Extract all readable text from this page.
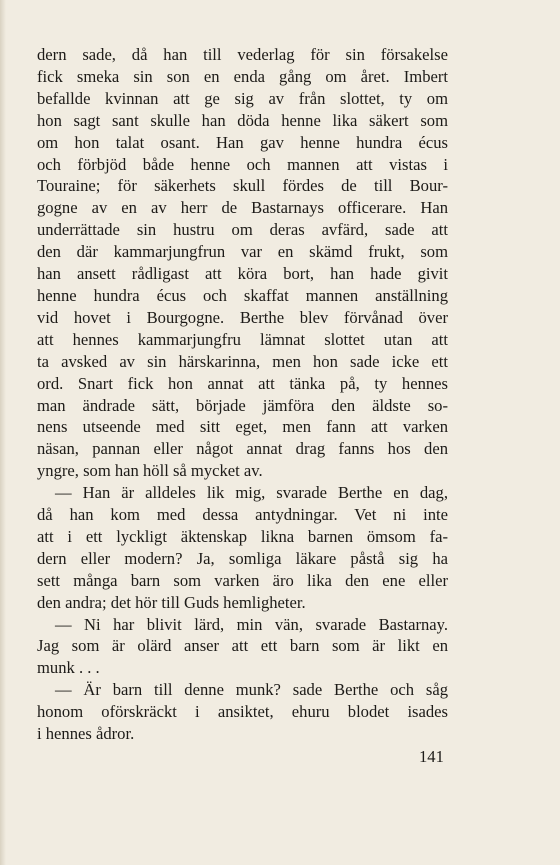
dern sade, då han till vederlag för sin försakelse
fick smeka sin son en enda gång om året. Imbert
befallde kvinnan att ge sig av från slottet, ty om
hon sagt sant skulle han döda henne lika säkert som
om hon talat osant. Han gav henne hundra écus
och förbjöd både henne och mannen att vistas i
Touraine; för säkerhets skull fördes de till Bour-
gogne av en av herr de Bastarnays officerare. Han
underrättade sin hustru om deras avfärd, sade att
den där kammarjungfrun var en skämd frukt, som
han ansett rådligast att köra bort, han hade givit
henne hundra écus och skaffat mannen anställning
vid hovet i Bourgogne. Berthe blev förvånad över
att hennes kammarjungfru lämnat slottet utan att
ta avsked av sin härskarinna, men hon sade icke ett
ord. Snart fick hon annat att tänka på, ty hennes
man ändrade sätt, började jämföra den äldste so-
nens utseende med sitt eget, men fann att varken
näsan, pannan eller något annat drag fanns hos den
yngre, som han höll så mycket av.
— Han är alldeles lik mig, svarade Berthe en dag,
då han kom med dessa antydningar. Vet ni inte
att i ett lyckligt äktenskap likna barnen ömsom fa-
dern eller modern? Ja, somliga läkare påstå sig ha
sett många barn som varken äro lika den ene eller
den andra; det hör till Guds hemligheter.
— Ni har blivit lärd, min vän, svarade Bastarnay.
Jag som är olärd anser att ett barn som är likt en
munk . . .
— Är barn till denne munk? sade Berthe och såg
honom oförskräckt i ansiktet, ehuru blodet isades
i hennes ådror.
141
